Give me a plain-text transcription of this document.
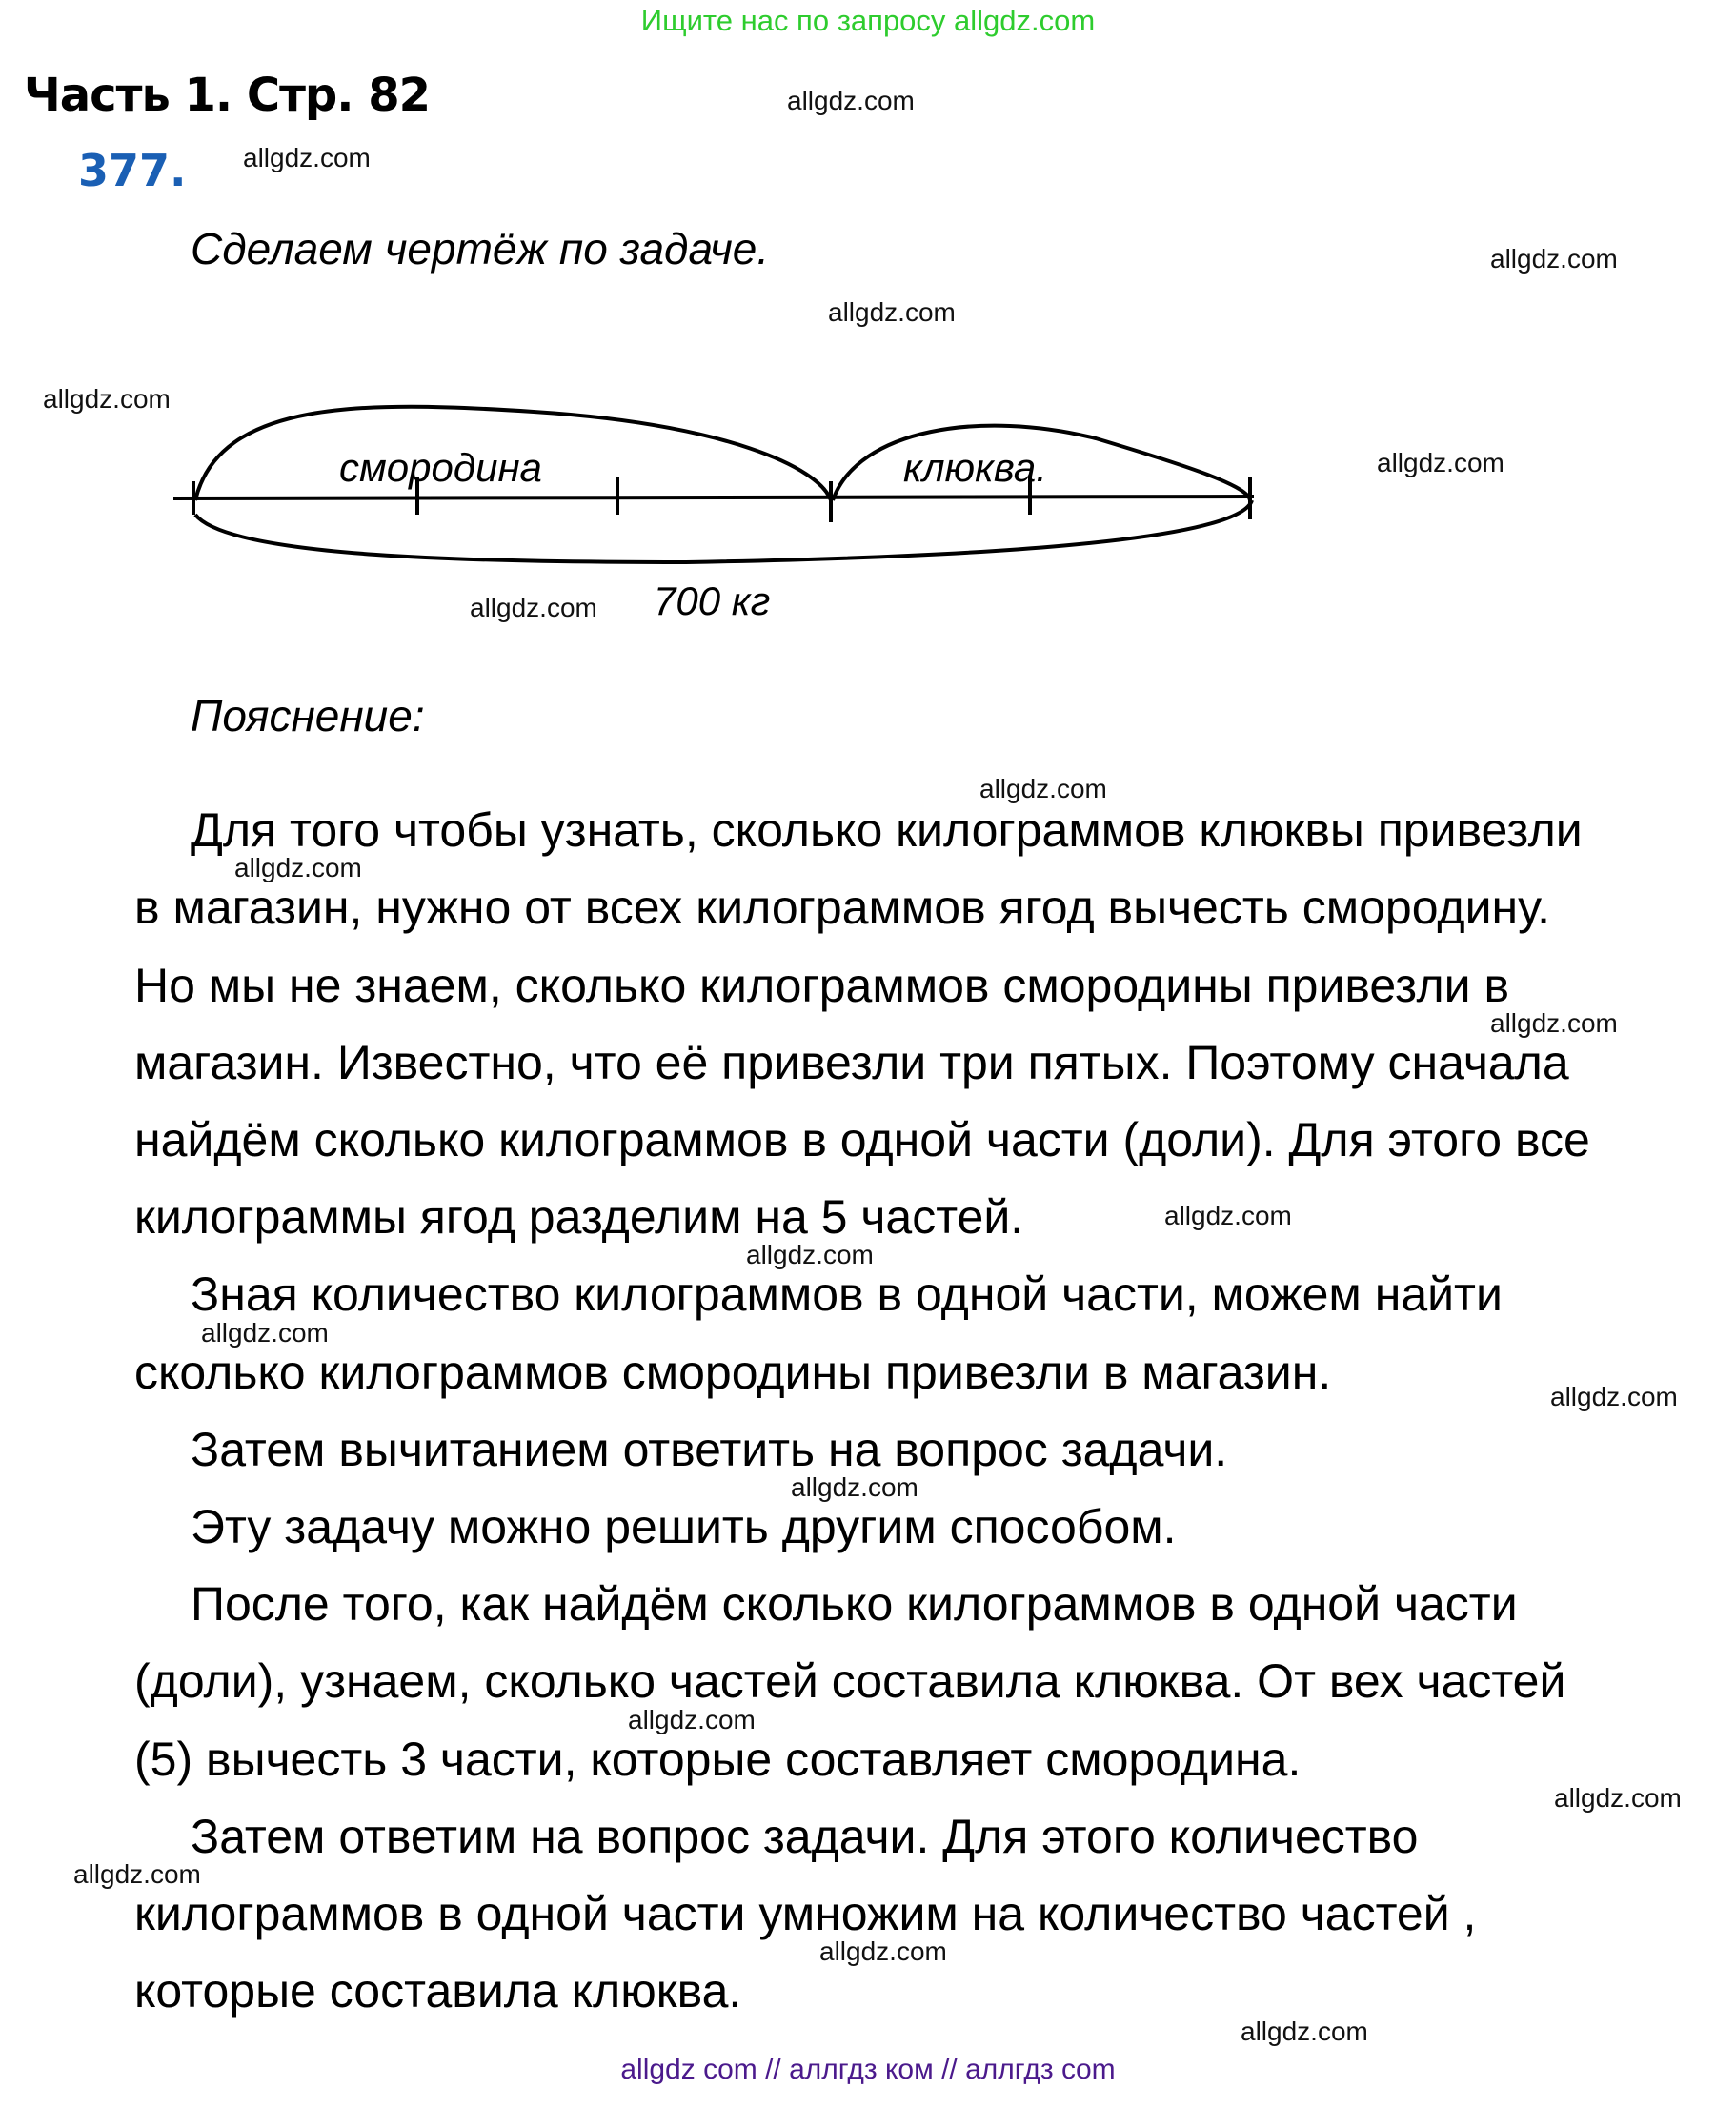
Ищите нас по запросу allgdz.com
Часть 1. Стр. 82
377.
Сделаем чертёж по задаче.
смородина	клюква.
700 кг
Пояснение:
Для того чтобы узнать, сколько килограммов клюквы привезли
в магазин, нужно от всех килограммов ягод вычесть смородину.
Но мы не знаем, сколько килограммов смородины привезли в
магазин. Известно, что её привезли три пятых. Поэтому сначала
найдём сколько килограммов в одной части (доли). Для этого все
килограммы ягод разделим на 5 частей.
Зная количество килограммов в одной части, можем найти
сколько килограммов смородины привезли в магазин.
Затем вычитанием ответить на вопрос задачи.
Эту задачу можно решить другим способом.
После того, как найдём сколько килограммов в одной части
(доли), узнаем, сколько частей составила клюква. От вех частей
(5) вычесть 3 части, которые составляет смородина.
Затем ответим на вопрос задачи. Для этого количество
килограммов в одной части умножим на количество частей ,
которые составила клюква.
allgdz.com
allgdz.com
allgdz.com
allgdz.com
allgdz.com
allgdz.com
allgdz.com
allgdz.com
allgdz.com
allgdz.com
allgdz.com
allgdz.com
allgdz.com
allgdz.com
allgdz.com
allgdz.com
allgdz.com
allgdz.com
allgdz.com
allgdz.com
allgdz com // аллгдз ком // аллгдз com
